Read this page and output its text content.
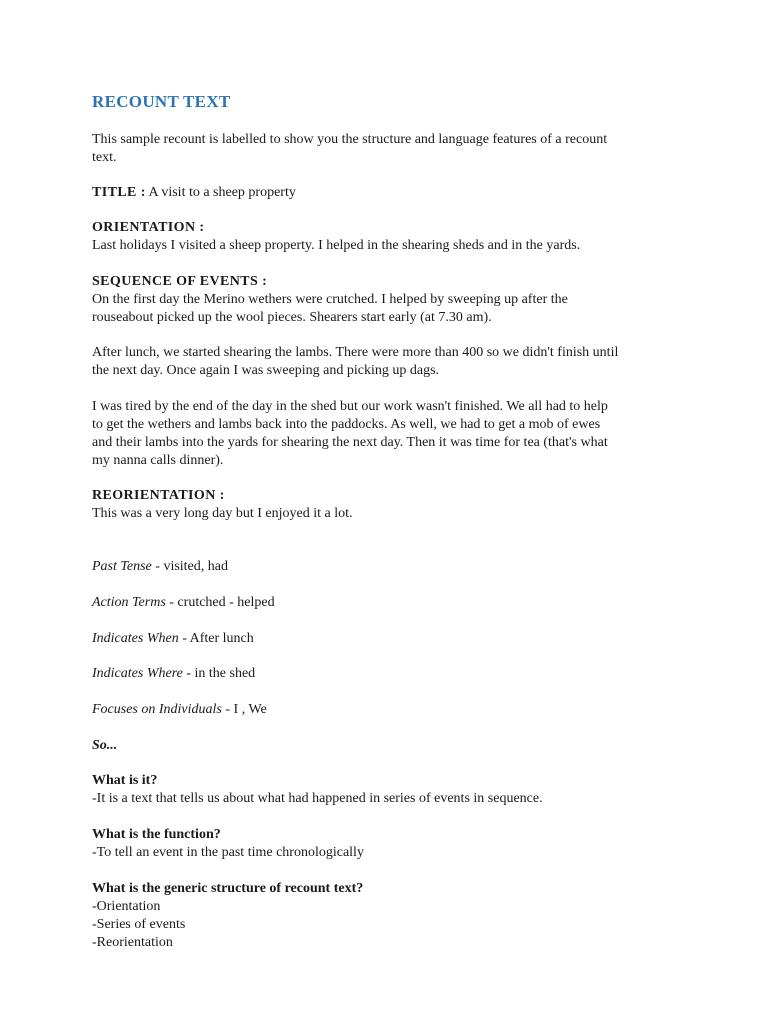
RECOUNT TEXT
This sample recount is labelled to show you the structure and language features of a recount
text.
TITLE : A visit to a sheep property
ORIENTATION :
Last holidays I visited a sheep property. I helped in the shearing sheds and in the yards.
SEQUENCE OF EVENTS :
On the first day the Merino wethers were crutched. I helped by sweeping up after the
rouseabout picked up the wool pieces. Shearers start early (at 7.30 am).
After lunch, we started shearing the lambs. There were more than 400 so we didn't finish until
the next day. Once again I was sweeping and picking up dags.
I was tired by the end of the day in the shed but our work wasn't finished. We all had to help
to get the wethers and lambs back into the paddocks. As well, we had to get a mob of ewes
and their lambs into the yards for shearing the next day. Then it was time for tea (that's what
my nanna calls dinner).
REORIENTATION :
This was a very long day but I enjoyed it a lot.
Past Tense - visited, had
Action Terms - crutched - helped
Indicates When - After lunch
Indicates Where - in the shed
Focuses on Individuals - I , We
So...
What is it?
-It is a text that tells us about what had happened in series of events in sequence.
What is the function?
-To tell an event in the past time chronologically
What is the generic structure of recount text?
-Orientation
-Series of events
-Reorientation
